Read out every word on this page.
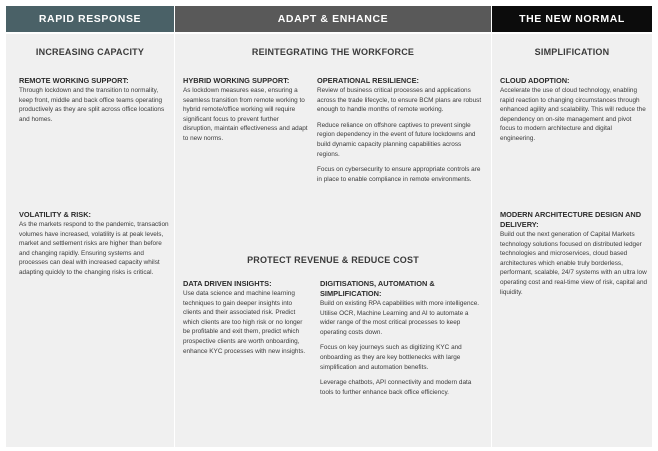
RAPID RESPONSE	ADAPT & ENHANCE	THE NEW NORMAL
INCREASING CAPACITY
REMOTE WORKING SUPPORT:
Through lockdown and the transition to normality, keep front, middle and back office teams operating productively as they are split across office locations and homes.
VOLATILITY & RISK:
As the markets respond to the pandemic, transaction volumes have increased, volatility is at peak levels, market and settlement risks are higher than before and changing rapidly. Ensuring systems and processes can deal with increased capacity whilst adapting quickly to the changing risks is critical.
REINTEGRATING THE WORKFORCE
HYBRID WORKING SUPPORT:
As lockdown measures ease, ensuring a seamless transition from remote working to hybrid remote/office working will require significant focus to prevent further disruption, maintain effectiveness and adapt to new norms.
OPERATIONAL RESILIENCE:
Review of business critical processes and applications across the trade lifecycle, to ensure BCM plans are robust enough to handle months of remote working.
Reduce reliance on offshore captives to prevent single region dependency in the event of future lockdowns and build dynamic capacity planning capabilities across regions.
Focus on cybersecurity to ensure appropriate controls are in place to enable compliance in remote environments.
PROTECT REVENUE & REDUCE COST
DATA DRIVEN INSIGHTS:
Use data science and machine learning techniques to gain deeper insights into clients and their associated risk. Predict which clients are too high risk or no longer be profitable and exit them, predict which prospective clients are worth onboarding, enhance KYC processes with new insights.
DIGITISATIONS, AUTOMATION & SIMPLIFICATION:
Build on existing RPA capabilities with more intelligence. Utilise OCR, Machine Learning and AI to automate a wider range of the most critical processes to keep operating costs down.
Focus on key journeys such as digitizing KYC and onboarding as they are key bottlenecks with large simplification and automation benefits.
Leverage chatbots, API connectivity and modern data tools to further enhance back office efficiency.
SIMPLIFICATION
CLOUD ADOPTION:
Accelerate the use of cloud technology, enabling rapid reaction to changing circumstances through enhanced agility and scalability. This will reduce the dependency on on-site management and pivot focus to modern architecture and digital engineering.
MODERN ARCHITECTURE DESIGN AND DELIVERY:
Build out the next generation of Capital Markets technology solutions focused on distributed ledger technologies and microservices, cloud based architectures which enable truly borderless, performant, scalable, 24/7 systems with an ultra low operating cost and real-time view of risk, capital and liquidity.
